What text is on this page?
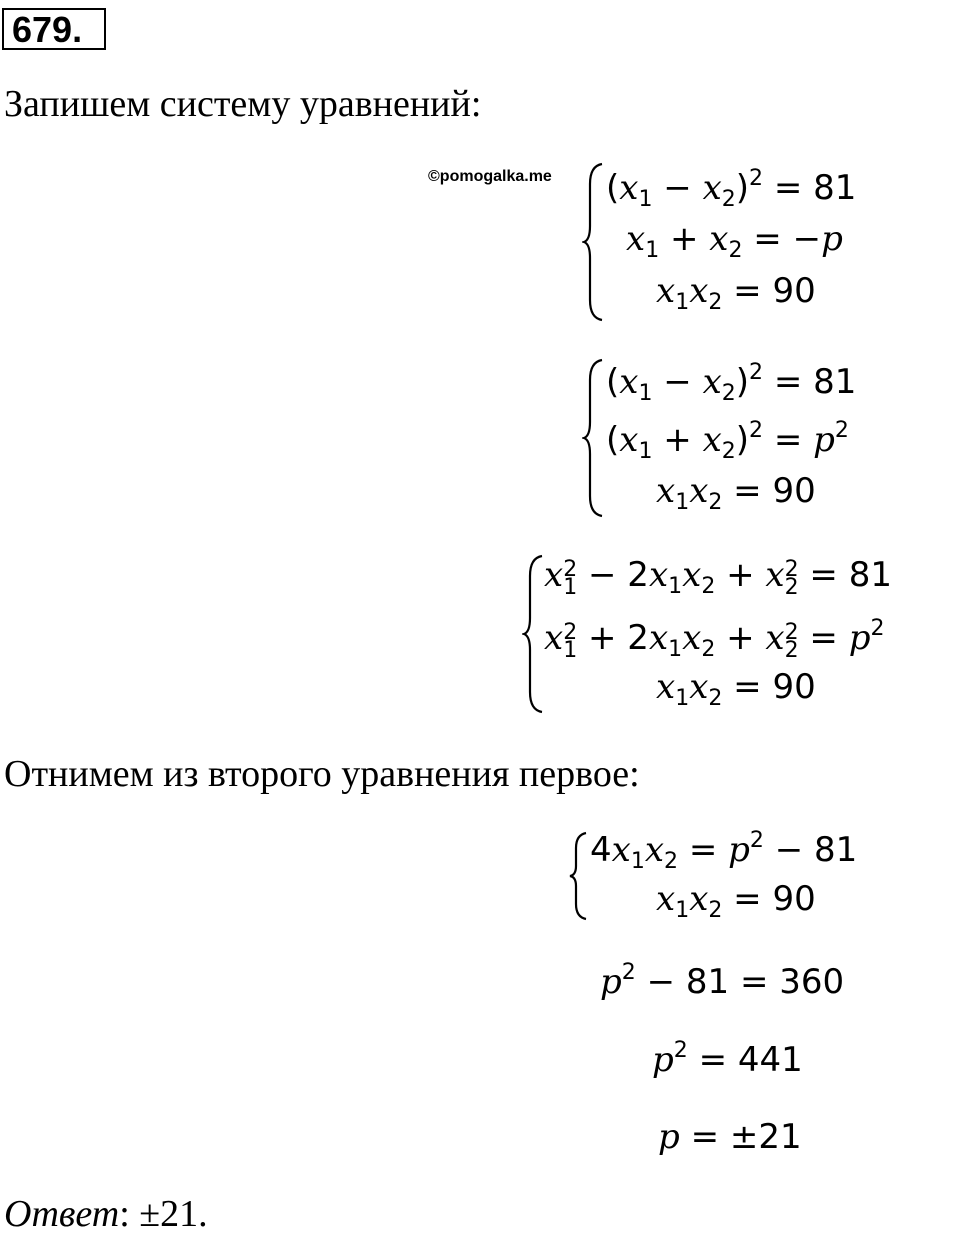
679.
Запишем систему уравнений:
©pomogalka.me $(x_1 - x_2)^2 = 81$
$x_1 + x_2 = -p$
$x_1x_2 = 90$
$(x_1 - x_2)^2 = 81$
$(x_1 + x_2)^2 = p^2$
$x_1x_2 = 90$
x 2
$1 - 2x_1x_2 + x$ 2
2 = 81
x 2
$1 + 2x_1x_2 + x$ 2
$2 = p^2$
$x_1x_2 = 90$
Отнимем из второго уравнения первое:
$4x_1x_2 = p^2 - 81$
$x_1x_2 = 90$
$p^2 - 81 = 360$
$p^2 = 441$
p = ±21
Ответ: ±21.
